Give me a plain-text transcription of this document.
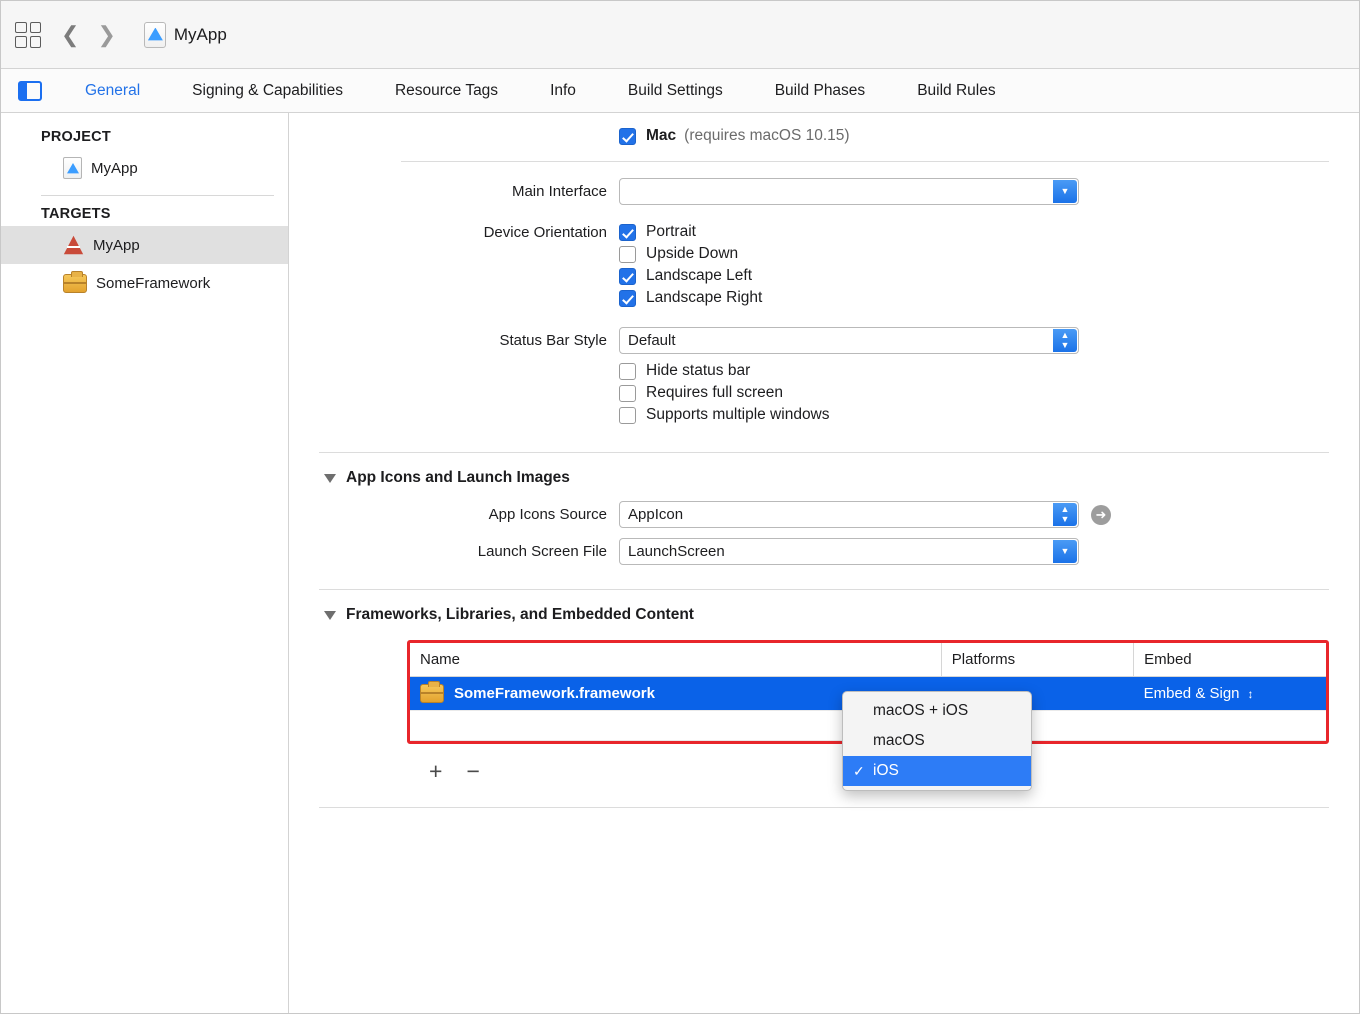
❮ ❯	MyApp
General	Signing & Capabilities	Resource Tags	Info	Build Settings	Build Phases	Build Rules
PROJECT
MyApp
TARGETS
MyApp
SomeFramework
Mac (requires macOS 10.15)
Main Interface	▼
Device Orientation	Portrait
Upside Down
Landscape Left
Landscape Right
Status Bar Style	Default	▲
▼
Hide status bar
Requires full screen
Supports multiple windows
App Icons and Launch Images
App Icons Source	AppIcon	▲
▼	➜
Launch Screen File	LaunchScreen	▼
Frameworks, Libraries, and Embedded Content
Name	Platforms	Embed

SomeFramework.framework		Embed & Sign ↕

macOS + iOS
macOS
✓ iOS
+ −
